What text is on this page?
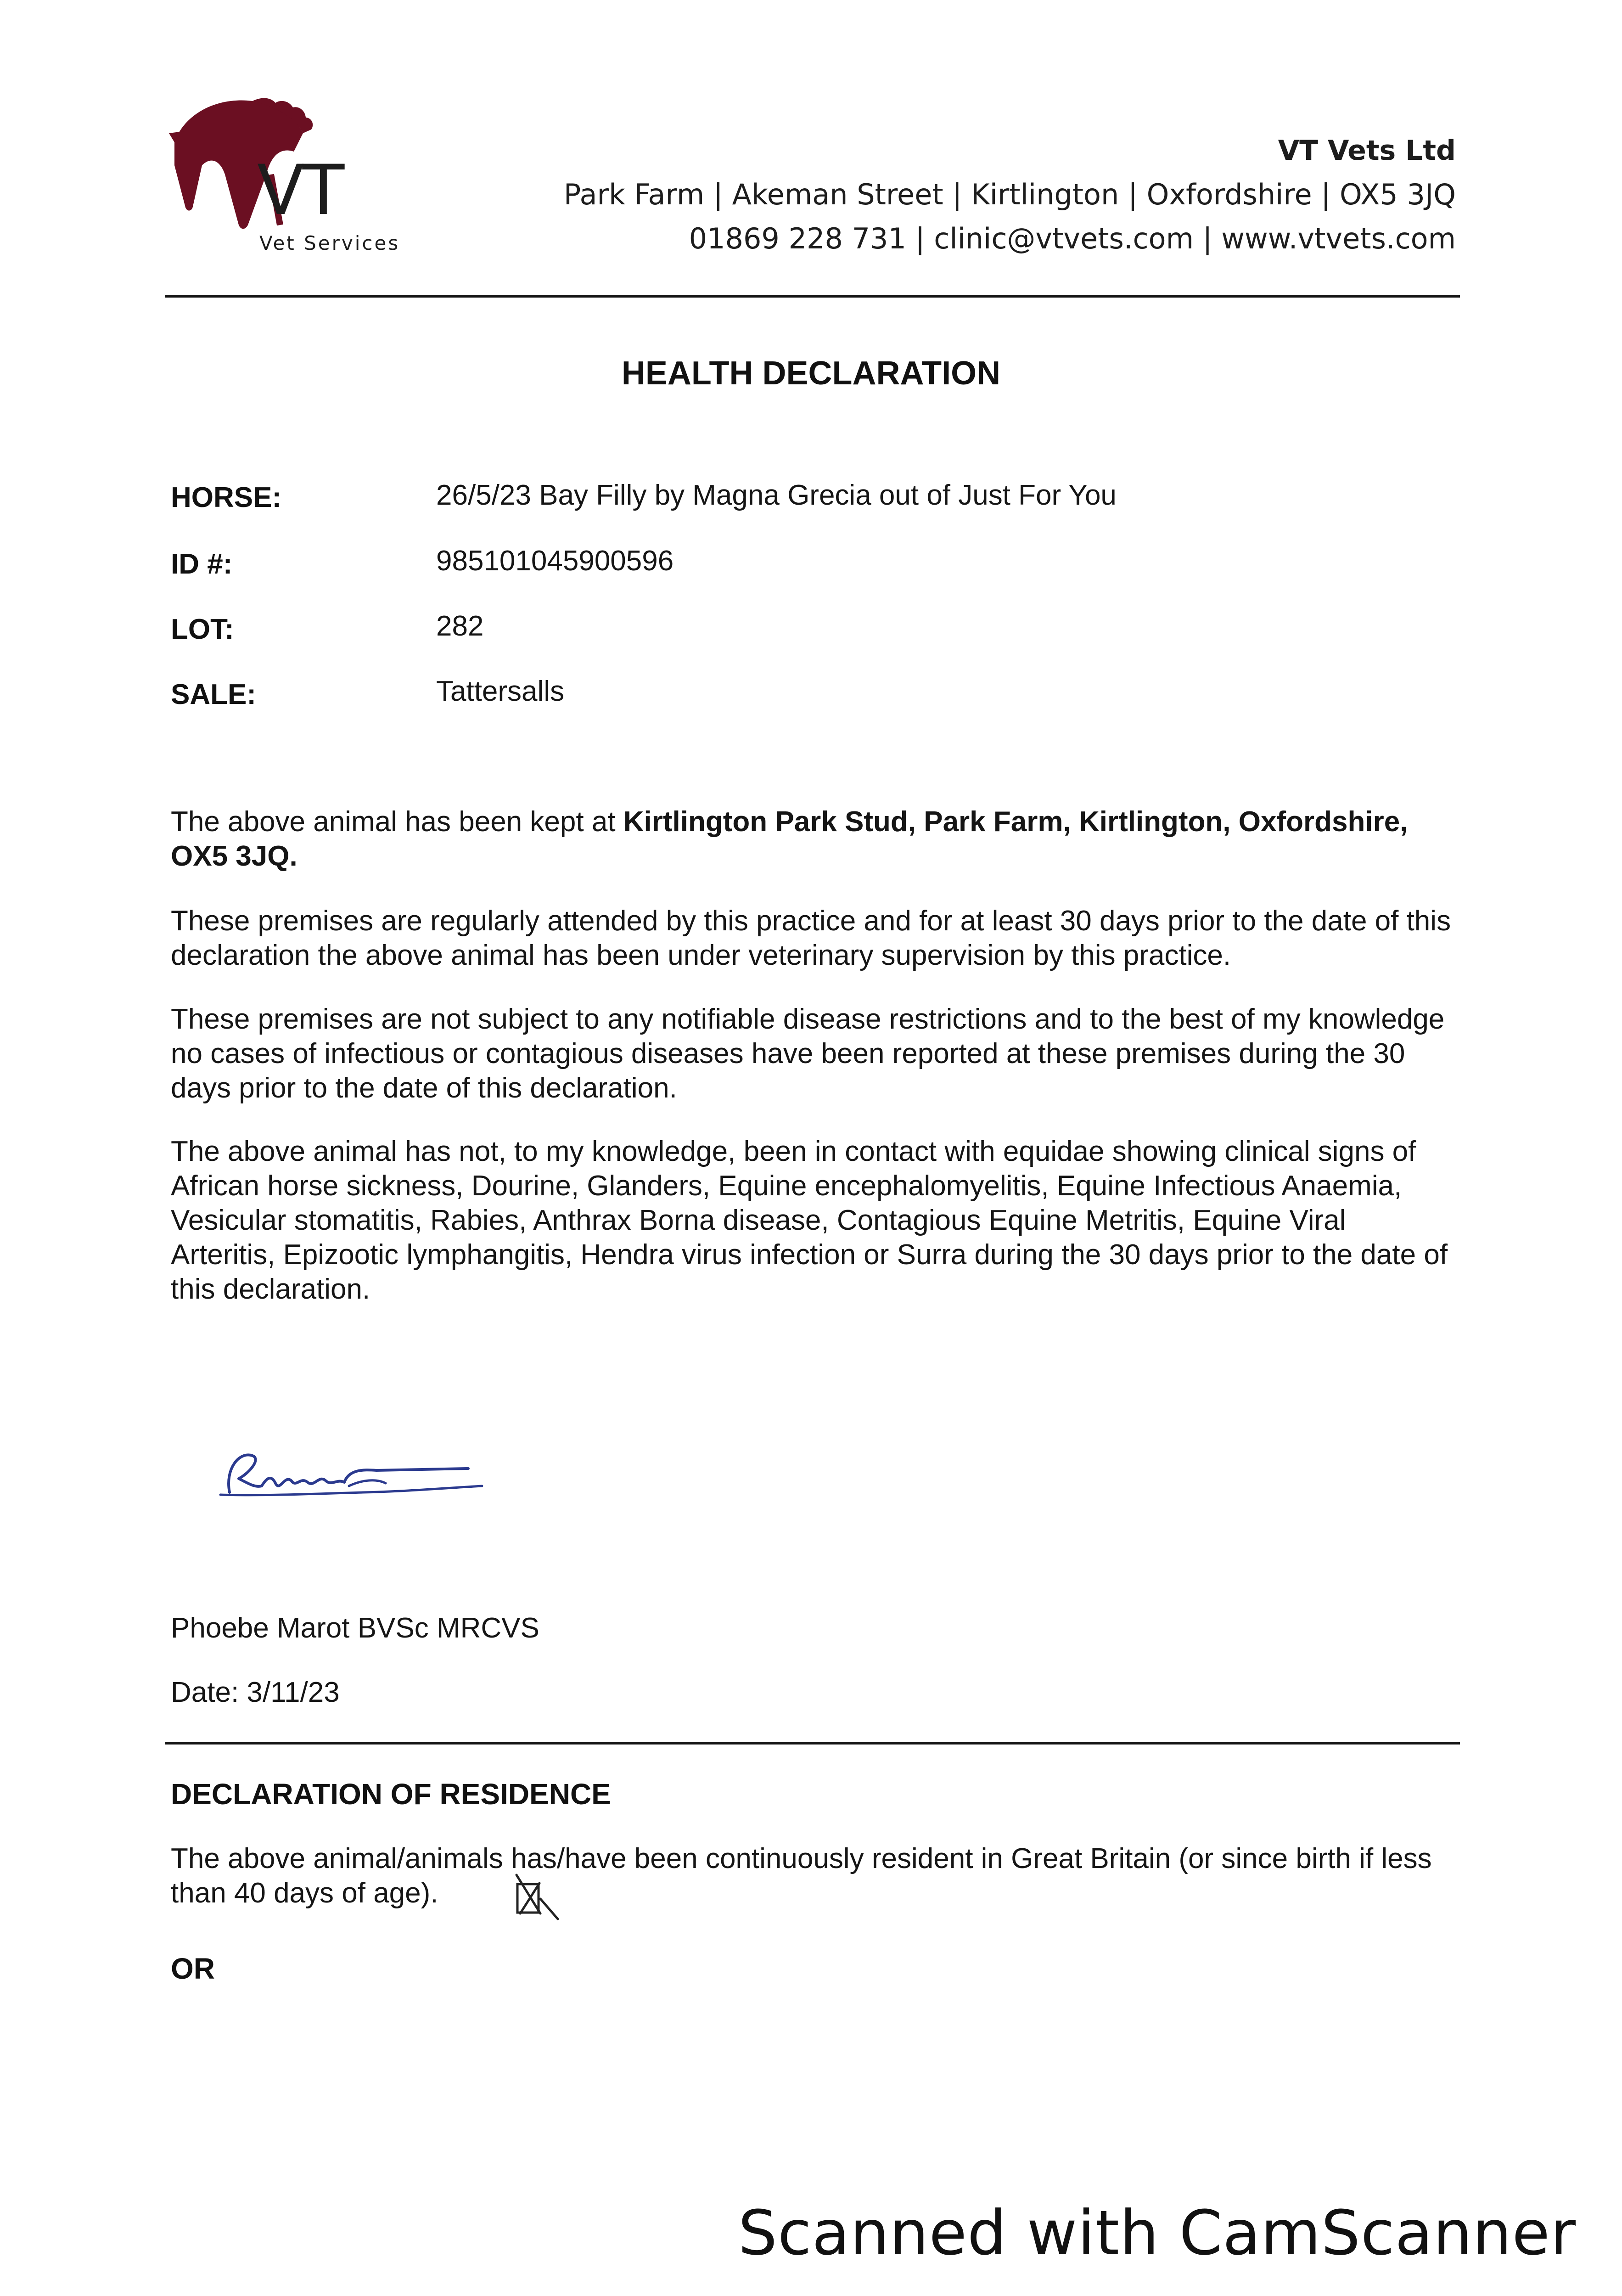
VT
Vet Services
VT Vets Ltd
Park Farm | Akeman Street | Kirtlington | Oxfordshire | OX5 3JQ
01869 228 731 | clinic@vtvets.com | www.vtvets.com
HEALTH DECLARATION
HORSE:	26/5/23 Bay Filly by Magna Grecia out of Just For You
ID #:	985101045900596
LOT:	282
SALE:	Tattersalls
The above animal has been kept at Kirtlington Park Stud, Park Farm, Kirtlington, Oxfordshire, OX5 3JQ.
These premises are regularly attended by this practice and for at least 30 days prior to the date of this declaration the above animal has been under veterinary supervision by this practice.
These premises are not subject to any notifiable disease restrictions and to the best of my knowledge no cases of infectious or contagious diseases have been reported at these premises during the 30 days prior to the date of this declaration.
The above animal has not, to my knowledge, been in contact with equidae showing clinical signs of African horse sickness, Dourine, Glanders, Equine encephalomyelitis, Equine Infectious Anaemia, Vesicular stomatitis, Rabies, Anthrax Borna disease, Contagious Equine Metritis, Equine Viral Arteritis, Epizootic lymphangitis, Hendra virus infection or Surra during the 30 days prior to the date of this declaration.
Phoebe Marot BVSc MRCVS
Date: 3/11/23
DECLARATION OF RESIDENCE
The above animal/animals has/have been continuously resident in Great Britain (or since birth if less than 40 days of age).
OR
Scanned with CamScanner
